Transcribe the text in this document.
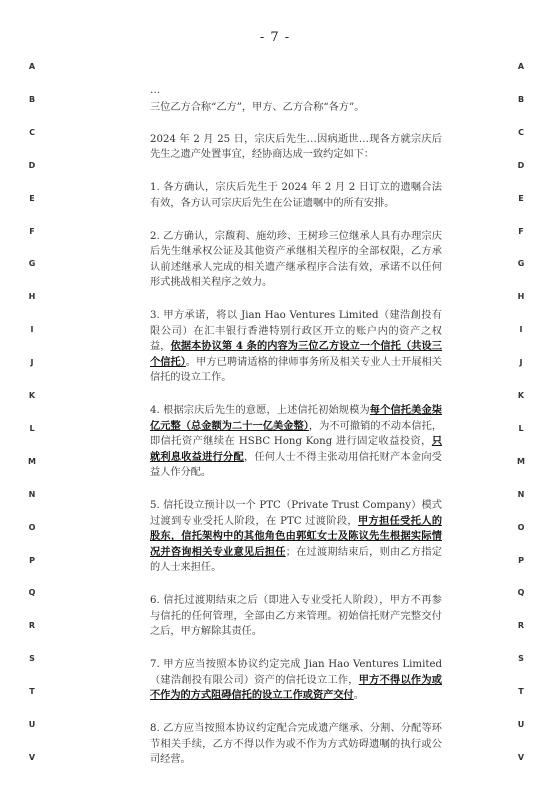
- 7 -
A
B
C
D
E
F
G
H
I
J
K
L
M
N
O
P
Q
R
S
T
U
V
A
B
C
D
E
F
G
H
I
J
K
L
M
N
O
P
Q
R
S
T
U
V

…

三位乙方合称“乙方”，甲方、乙方合称“各方”。

2024 年 2 月 25 日，宗庆后先生…因病逝世…现各方就宗庆后先生之遗产处置事宜，经协商达成一致约定如下：

1. 各方确认，宗庆后先生于 2024 年 2 月 2 日订立的遗嘱合法有效，各方认可宗庆后先生在公证遗嘱中的所有安排。

2. 乙方确认，宗馥莉、施幼珍、王树珍三位继承人具有办理宗庆后先生继承权公证及其他资产承继相关程序的全部权限，乙方承认前述继承人完成的相关遗产继承程序合法有效，承诺不以任何形式挑战相关程序之效力。

3. 甲方承诺，将以 Jian Hao Ventures Limited（建浩創投有限公司）在汇丰银行香港特别行政区开立的账户内的资产之权益，依据本协议第 4 条的内容为三位乙方设立一个信托（共设三个信托）。甲方已聘请适格的律师事务所及相关专业人士开展相关信托的设立工作。

4. 根据宗庆后先生的意愿，上述信托初始规模为每个信托美金柒亿元整（总金额为二十一亿美金整），为不可撤销的不动本信托，即信托资产继续在 HSBC Hong Kong 进行固定收益投资，只就利息收益进行分配，任何人士不得主张动用信托财产本金向受益人作分配。

5. 信托设立预计以一个 PTC（Private Trust Company）模式过渡到专业受托人阶段，在 PTC 过渡阶段，甲方担任受托人的股东，信托架构中的其他角色由郭虹女士及陈议先生根据实际情况并咨询相关专业意见后担任；在过渡期结束后，则由乙方指定的人士来担任。

6. 信托过渡期结束之后（即进入专业受托人阶段），甲方不再参与信托的任何管理，全部由乙方来管理。初始信托财产完整交付之后，甲方解除其责任。

7. 甲方应当按照本协议约定完成 Jian Hao Ventures Limited（建浩創投有限公司）资产的信托设立工作，甲方不得以作为或不作为的方式阻碍信托的设立工作或资产交付。

8. 乙方应当按照本协议约定配合完成遗产继承、分割、分配等环节相关手续，乙方不得以作为或不作为方式妨碍遗嘱的执行或公司经营。
